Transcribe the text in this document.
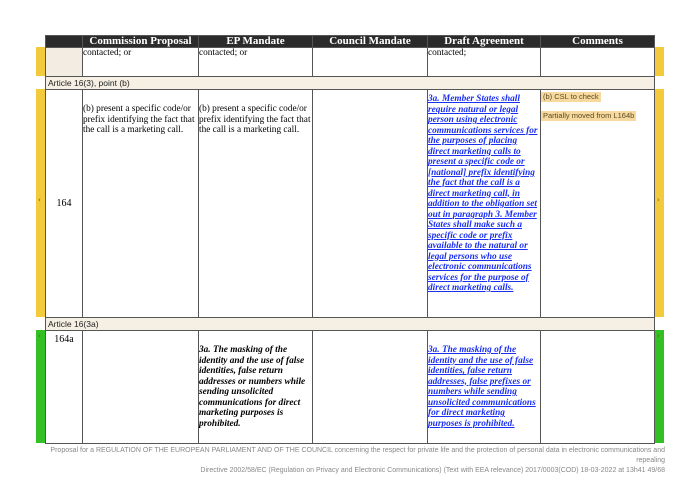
‹	›
‹	›
	Commission Proposal	EP Mandate	Council Mandate	Draft Agreement	Comments
	contacted; or	contacted; or		contacted;	
Article 16(3), point (b)					
164	(b) present a specific code/or prefix identifying the fact that the call is a marketing call.	(b) present a specific code/or prefix identifying the fact that the call is a marketing call.		3a. Member States shall require natural or legal person using electronic communications services for the purposes of placing direct marketing calls to present a specific code or [national] prefix identifying the fact that the call is a direct marketing call, in addition to the obligation set out in paragraph 3. Member States shall make such a specific code or prefix available to the natural or legal persons who use electronic communications services for the purpose of direct marketing calls.	(b) CSL to check
Partially moved from L164b
Article 16(3a)					
164a		3a. The masking of the identity and the use of false identities, false return addresses or numbers while sending unsolicited communications for direct marketing purposes is prohibited.		3a. The masking of the identity and the use of false identities, false return addresses, false prefixes or numbers while sending unsolicited communications for direct marketing purposes is prohibited.	
Proposal for a REGULATION OF THE EUROPEAN PARLIAMENT AND OF THE COUNCIL concerning the respect for private life and the protection of personal data in electronic communications and repealing
Directive 2002/58/EC (Regulation on Privacy and Electronic Communications) (Text with EEA relevance) 2017/0003(COD) 18-03-2022 at 13h41 49/68
